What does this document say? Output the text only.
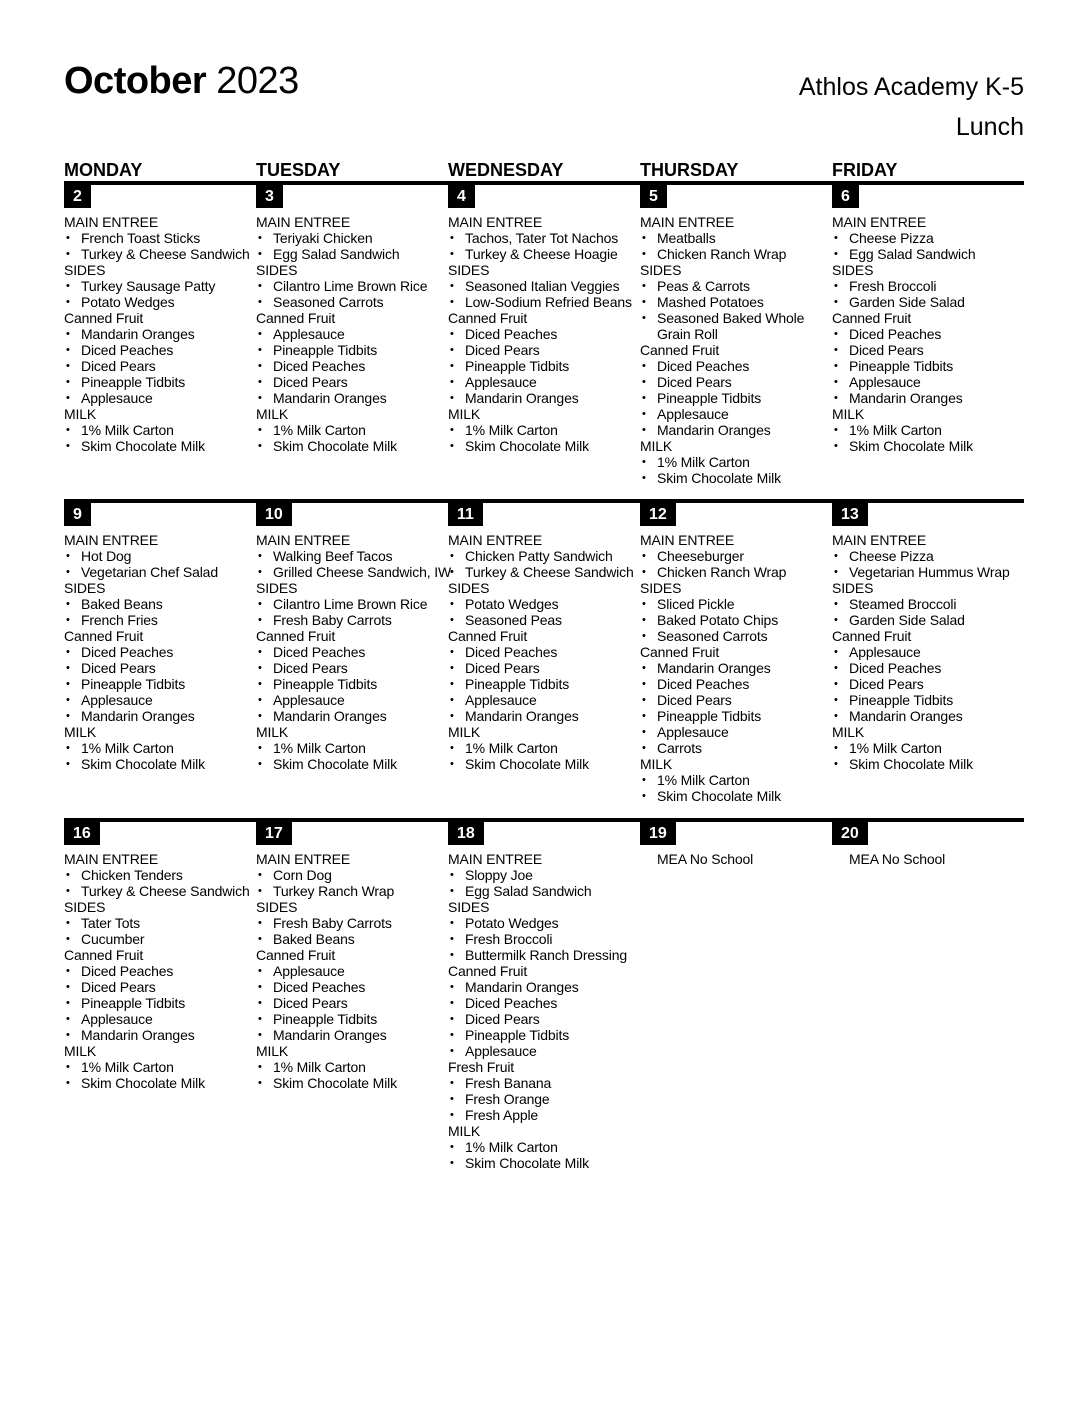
October 2023	Athlos Academy K-5
Lunch
MONDAY	TUESDAY	WEDNESDAY	THURSDAY	FRIDAY
2
MAIN ENTREE
• French Toast Sticks
• Turkey & Cheese Sandwich
SIDES
• Turkey Sausage Patty
• Potato Wedges
Canned Fruit
• Mandarin Oranges
• Diced Peaches
• Diced Pears
• Pineapple Tidbits
• Applesauce
MILK
• 1% Milk Carton
• Skim Chocolate Milk
3
MAIN ENTREE
• Teriyaki Chicken
• Egg Salad Sandwich
SIDES
• Cilantro Lime Brown Rice
• Seasoned Carrots
Canned Fruit
• Applesauce
• Pineapple Tidbits
• Diced Peaches
• Diced Pears
• Mandarin Oranges
MILK
• 1% Milk Carton
• Skim Chocolate Milk
4
MAIN ENTREE
• Tachos, Tater Tot Nachos
• Turkey & Cheese Hoagie
SIDES
• Seasoned Italian Veggies
• Low-Sodium Refried Beans
Canned Fruit
• Diced Peaches
• Diced Pears
• Pineapple Tidbits
• Applesauce
• Mandarin Oranges
MILK
• 1% Milk Carton
• Skim Chocolate Milk
5
MAIN ENTREE
• Meatballs
• Chicken Ranch Wrap
SIDES
• Peas & Carrots
• Mashed Potatoes
• Seasoned Baked Whole
Grain Roll
Canned Fruit
• Diced Peaches
• Diced Pears
• Pineapple Tidbits
• Applesauce
• Mandarin Oranges
MILK
• 1% Milk Carton
• Skim Chocolate Milk
6
MAIN ENTREE
• Cheese Pizza
• Egg Salad Sandwich
SIDES
• Fresh Broccoli
• Garden Side Salad
Canned Fruit
• Diced Peaches
• Diced Pears
• Pineapple Tidbits
• Applesauce
• Mandarin Oranges
MILK
• 1% Milk Carton
• Skim Chocolate Milk
9
MAIN ENTREE
• Hot Dog
• Vegetarian Chef Salad
SIDES
• Baked Beans
• French Fries
Canned Fruit
• Diced Peaches
• Diced Pears
• Pineapple Tidbits
• Applesauce
• Mandarin Oranges
MILK
• 1% Milk Carton
• Skim Chocolate Milk
10
MAIN ENTREE
• Walking Beef Tacos
• Grilled Cheese Sandwich, IW
SIDES
• Cilantro Lime Brown Rice
• Fresh Baby Carrots
Canned Fruit
• Diced Peaches
• Diced Pears
• Pineapple Tidbits
• Applesauce
• Mandarin Oranges
MILK
• 1% Milk Carton
• Skim Chocolate Milk
11
MAIN ENTREE
• Chicken Patty Sandwich
• Turkey & Cheese Sandwich
SIDES
• Potato Wedges
• Seasoned Peas
Canned Fruit
• Diced Peaches
• Diced Pears
• Pineapple Tidbits
• Applesauce
• Mandarin Oranges
MILK
• 1% Milk Carton
• Skim Chocolate Milk
12
MAIN ENTREE
• Cheeseburger
• Chicken Ranch Wrap
SIDES
• Sliced Pickle
• Baked Potato Chips
• Seasoned Carrots
Canned Fruit
• Mandarin Oranges
• Diced Peaches
• Diced Pears
• Pineapple Tidbits
• Applesauce
• Carrots
MILK
• 1% Milk Carton
• Skim Chocolate Milk
13
MAIN ENTREE
• Cheese Pizza
• Vegetarian Hummus Wrap
SIDES
• Steamed Broccoli
• Garden Side Salad
Canned Fruit
• Applesauce
• Diced Peaches
• Diced Pears
• Pineapple Tidbits
• Mandarin Oranges
MILK
• 1% Milk Carton
• Skim Chocolate Milk
16
MAIN ENTREE
• Chicken Tenders
• Turkey & Cheese Sandwich
SIDES
• Tater Tots
• Cucumber
Canned Fruit
• Diced Peaches
• Diced Pears
• Pineapple Tidbits
• Applesauce
• Mandarin Oranges
MILK
• 1% Milk Carton
• Skim Chocolate Milk
17
MAIN ENTREE
• Corn Dog
• Turkey Ranch Wrap
SIDES
• Fresh Baby Carrots
• Baked Beans
Canned Fruit
• Applesauce
• Diced Peaches
• Diced Pears
• Pineapple Tidbits
• Mandarin Oranges
MILK
• 1% Milk Carton
• Skim Chocolate Milk
18
MAIN ENTREE
• Sloppy Joe
• Egg Salad Sandwich
SIDES
• Potato Wedges
• Fresh Broccoli
• Buttermilk Ranch Dressing
Canned Fruit
• Mandarin Oranges
• Diced Peaches
• Diced Pears
• Pineapple Tidbits
• Applesauce
Fresh Fruit
• Fresh Banana
• Fresh Orange
• Fresh Apple
MILK
• 1% Milk Carton
• Skim Chocolate Milk
19
MEA No School
20
MEA No School
